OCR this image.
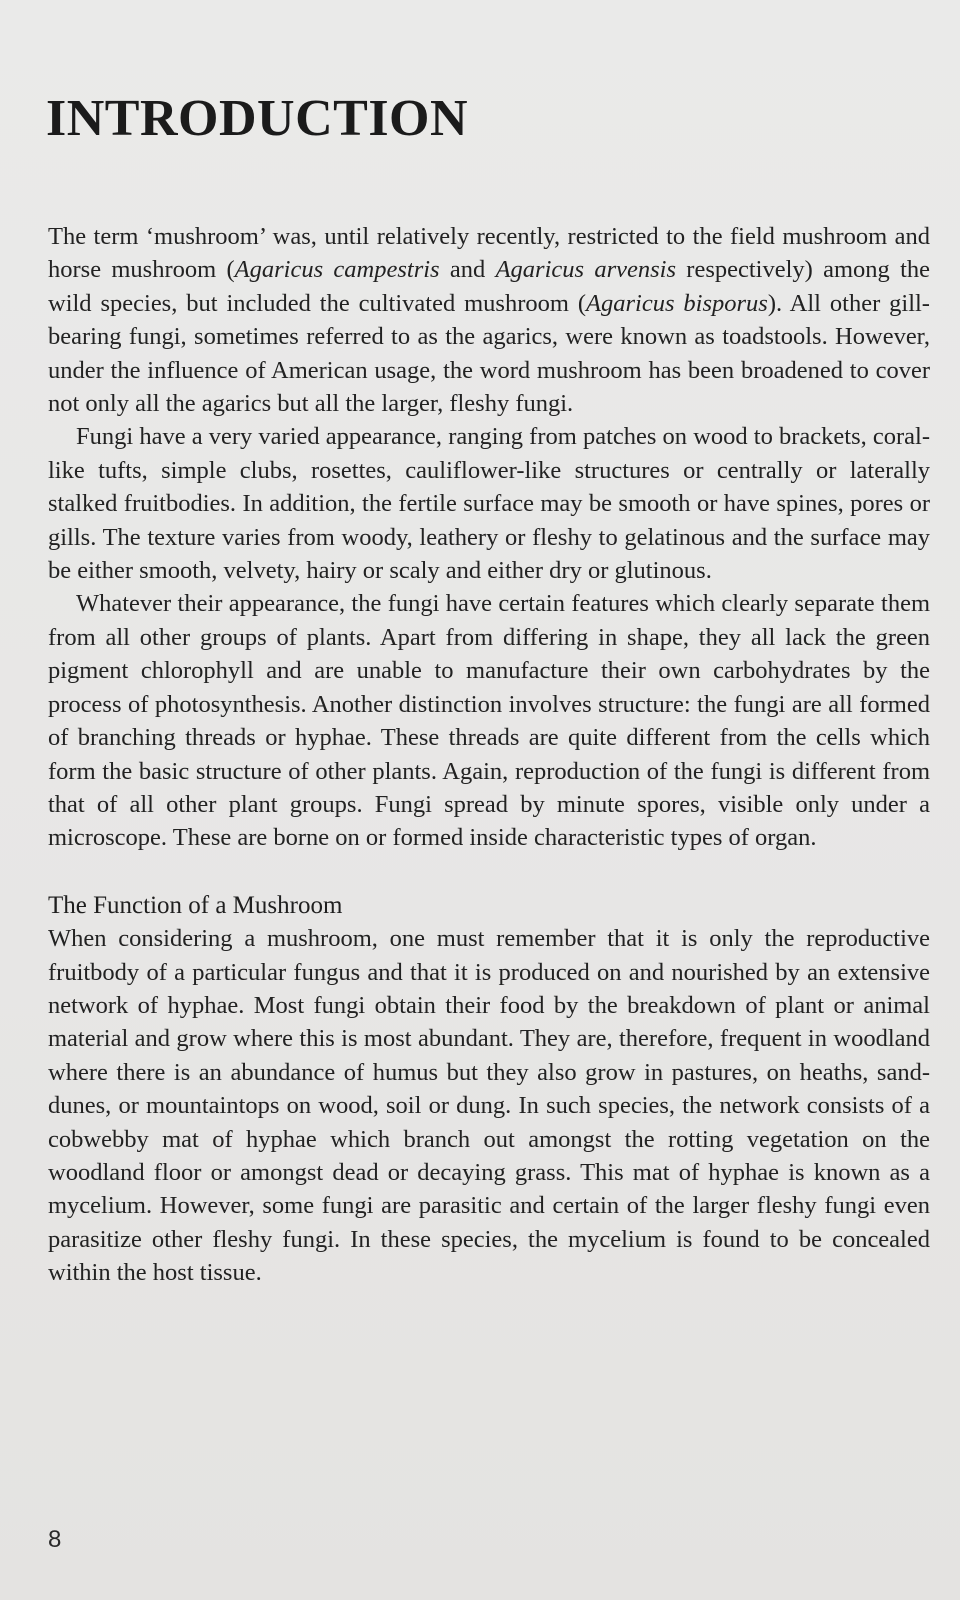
INTRODUCTION

The term ‘mushroom’ was, until relatively recently, restricted to the field mushroom and horse mushroom (Agaricus campestris and Agaricus arvensis respectively) among the wild species, but included the cultivated mushroom (Agaricus bisporus). All other gill-bearing fungi, sometimes referred to as the agarics, were known as toadstools. However, under the influence of American usage, the word mushroom has been broadened to cover not only all the agarics but all the larger, fleshy fungi.

Fungi have a very varied appearance, ranging from patches on wood to brackets, coral-like tufts, simple clubs, rosettes, cauliflower-like structures or centrally or laterally stalked fruitbodies. In addition, the fertile surface may be smooth or have spines, pores or gills. The texture varies from woody, leathery or fleshy to gelatinous and the surface may be either smooth, velvety, hairy or scaly and either dry or glutinous.

Whatever their appearance, the fungi have certain features which clearly separate them from all other groups of plants. Apart from differing in shape, they all lack the green pigment chlorophyll and are unable to manufacture their own carbohydrates by the process of photosynthesis. Another distinction involves structure: the fungi are all formed of branching threads or hyphae. These threads are quite different from the cells which form the basic structure of other plants. Again, reproduction of the fungi is different from that of all other plant groups. Fungi spread by minute spores, visible only under a microscope. These are borne on or formed inside characteristic types of organ.

The Function of a Mushroom

When considering a mushroom, one must remember that it is only the reproductive fruitbody of a particular fungus and that it is produced on and nourished by an extensive network of hyphae. Most fungi obtain their food by the breakdown of plant or animal material and grow where this is most abundant. They are, therefore, frequent in woodland where there is an abundance of humus but they also grow in pastures, on heaths, sand-dunes, or mountaintops on wood, soil or dung. In such species, the network consists of a cobwebby mat of hyphae which branch out amongst the rotting vegetation on the woodland floor or amongst dead or decaying grass. This mat of hyphae is known as a mycelium. However, some fungi are parasitic and certain of the larger fleshy fungi even parasitize other fleshy fungi. In these species, the mycelium is found to be concealed within the host tissue.

8
